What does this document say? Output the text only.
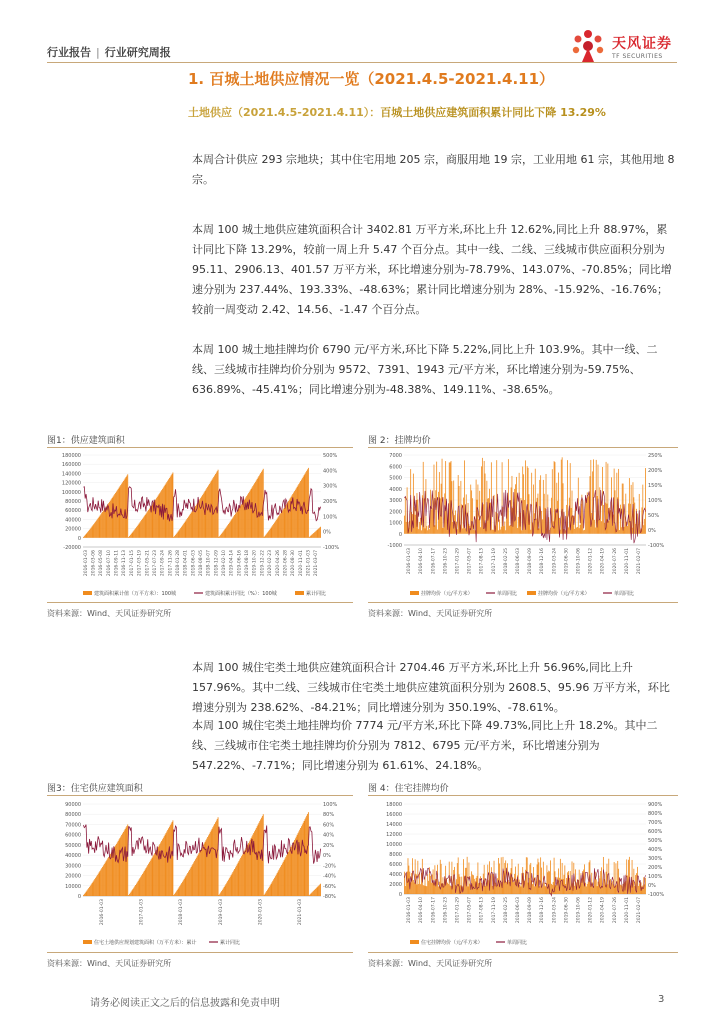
行业报告 | 行业研究周报
天风证券
TF SECURITIES
1. 百城土地供应情况一览（2021.4.5-2021.4.11）
土地供应（2021.4.5-2021.4.11）：百城土地供应建筑面积累计同比下降 13.29%
本周合计供应 293 宗地块；其中住宅用地 205 宗，商服用地 19 宗，工业用地 61 宗，其他用地 8 宗。
本周 100 城土地供应建筑面积合计 3402.81 万平方米,环比上升 12.62%,同比上升 88.97%，累计同比下降 13.29%，较前一周上升 5.47 个百分点。其中一线、二线、三线城市供应面积分别为 95.11、2906.13、401.57 万平方米，环比增速分别为-78.79%、143.07%、-70.85%；同比增速分别为 237.44%、193.33%、-48.63%；累计同比增速分别为 28%、-15.92%、-16.76%；较前一周变动 2.42、14.56、-1.47 个百分点。
本周 100 城土地挂牌均价 6790 元/平方米,环比下降 5.22%,同比上升 103.9%。其中一线、二线、三线城市挂牌均价分别为 9572、7391、1943 元/平方米，环比增速分别为-59.75%、636.89%、-45.41%；同比增速分别为-48.38%、149.11%、-38.65%。
本周 100 城住宅类土地供应建筑面积合计 2704.46 万平方米,环比上升 56.96%,同比上升 157.96%。其中二线、三线城市住宅类土地供应建筑面积分别为 2608.5、95.96 万平方米，环比增速分别为 238.62%、-84.21%；同比增速分别为 350.19%、-78.61%。
本周 100 城住宅类土地挂牌均价 7774 元/平方米,环比下降 49.73%,同比上升 18.2%。其中二线、三线城市住宅类土地挂牌均价分别为 7812、6795 元/平方米，环比增速分别为 547.22%、-7.71%；同比增速分别为 61.61%、24.18%。
图1：供应建筑面积
-20000
0
20000
40000
60000
80000
100000
120000
140000
160000
180000
-100%
0%
100%
200%
300%
400%
500%
2016-01-03 2016-03-06 2016-05-08 2016-07-10 2016-09-11 2016-11-13 2017-01-15 2017-03-19 2017-05-21 2017-07-23 2017-09-24 2017-11-26 2018-01-28 2018-04-01 2018-06-03 2018-08-05 2018-10-07 2018-12-09 2019-02-10 2019-04-14 2019-06-16 2019-08-18 2019-10-20 2019-12-22 2020-02-23 2020-04-26 2020-06-28 2020-08-30 2020-11-01 2021-01-03 2021-03-07
建筑面积累计值（万平方米）：100城	建筑面积累计同比（%）：100城	累计同比
资料来源：Wind、天风证券研究所
图 2：挂牌均价
-1000
0
1000
2000
3000
4000
5000
6000
7000
-100%
0%
50%
100%
150%
200%
250%
2016-01-03 2016-04-10 2016-07-17 2016-10-23 2017-01-29 2017-05-07 2017-08-13 2017-11-19 2018-02-25 2018-06-03 2018-09-09 2018-12-16 2019-03-24 2019-06-30 2019-10-06 2020-01-12 2020-04-19 2020-07-26 2020-11-01 2021-02-07
挂牌均价（元/平方米）	单周同比	挂牌均价（元/平方米）	单周同比
资料来源：Wind、天风证券研究所
图3：住宅供应建筑面积
0
10000
20000
30000
40000
50000
60000
70000
80000
90000
-80%
-60%
-40%
-20%
0%
20%
40%
60%
80%
100%
2016-01-03	2017-01-03	2018-01-03	2019-01-03	2020-01-03	2021-01-03
住宅土地供应规划建筑面积（万平方米）：累计	累计同比
资料来源：Wind、天风证券研究所
图 4：住宅挂牌均价
0
2000
4000
6000
8000
10000
12000
14000
16000
18000
-100%
0%
100%
200%
300%
400%
500%
600%
700%
800%
900%
2016-01-03 2016-04-10 2016-07-17 2016-10-23 2017-01-29 2017-05-07 2017-08-13 2017-11-19 2018-02-25 2018-06-03 2018-09-09 2018-12-16 2019-03-24 2019-06-30 2019-10-06 2020-01-12 2020-04-19 2020-07-26 2020-11-01 2021-02-07
住宅挂牌均价（元/平方米）	单周同比
资料来源：Wind、天风证券研究所
请务必阅读正文之后的信息披露和免责申明	3
